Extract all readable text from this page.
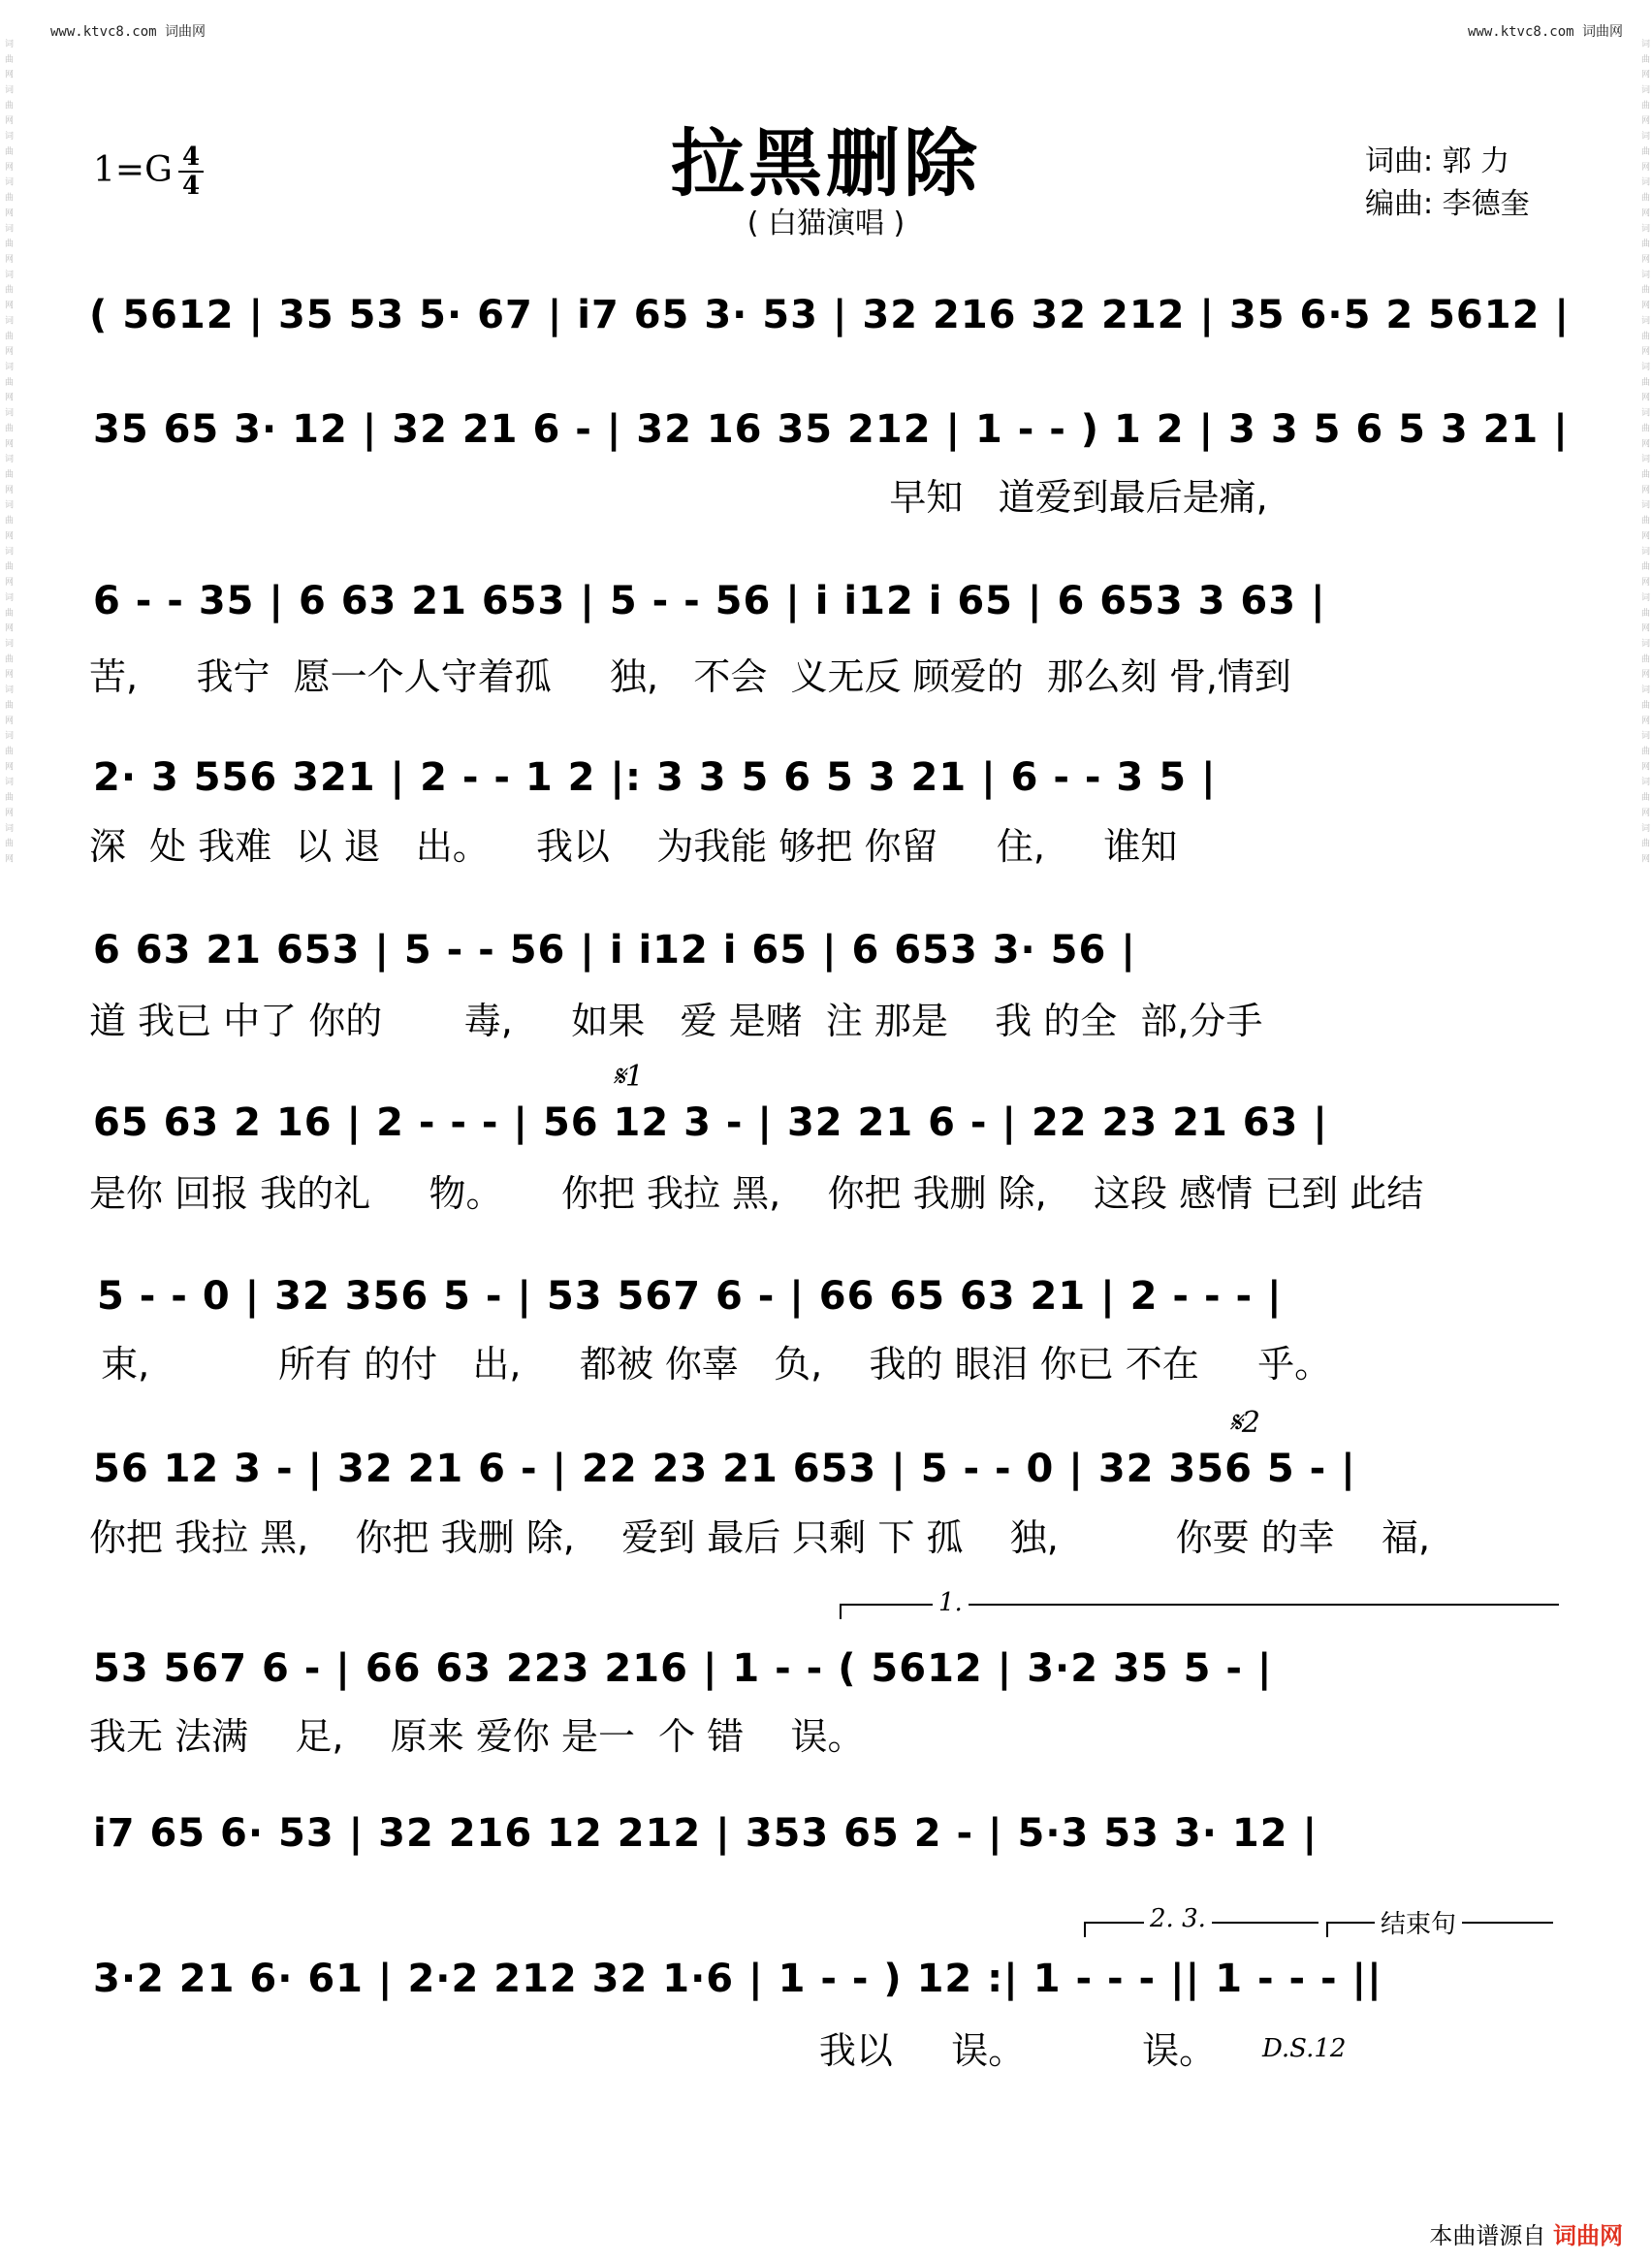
www.ktvc8.com 词曲网	www.ktvc8.com 词曲网
词 曲 网 词 曲 网 词 曲 网 词 曲 网 词 曲 网 词 曲 网 词 曲 网 词 曲 网 词 曲 网 词 曲 网 词 曲 网 词 曲 网 词 曲 网 词 曲 网 词 曲 网 词 曲 网 词 曲 网 词 曲 网	词 曲 网 词 曲 网 词 曲 网 词 曲 网 词 曲 网 词 曲 网 词 曲 网 词 曲 网 词 曲 网 词 曲 网 词 曲 网 词 曲 网 词 曲 网 词 曲 网 词 曲 网 词 曲 网 词 曲 网 词 曲 网
拉黑删除
( 白猫演唱 )
1=G 4
4
词曲: 郭 力
编曲: 李德奎
( 5612 | 35 53 5· 67 | i7 65 3· 53 | 32 216 32 212 | 35 6·5 2 5612 |
35 65 3· 12 | 32 21 6 - | 32 16 35 212 | 1 - - ) 1 2 | 3 3 5 6 5 3 21 |
早知   道爱到最后是痛,
6 - - 35 | 6 63 21 653 | 5 - - 56 | i i12 i 65 | 6 653 3 63 |
苦,     我宁  愿一个人守着孤     独,   不会  义无反 顾爱的  那么刻 骨,情到
2· 3 556 321 | 2 - - 1 2 |: 3 3 5 6 5 3 21 | 6 - - 3 5 |
深  处 我难  以 退   出。    我以    为我能 够把 你留     住,     谁知
6 63 21 653 | 5 - - 56 | i i12 i 65 | 6 653 3· 56 |
道 我已 中了 你的       毒,     如果   爱 是赌  注 那是    我 的全  部,分手
𝄋1
65 63 2 16 | 2 - - - | 56 12 3 - | 32 21 6 - | 22 23 21 63 |
是你 回报 我的礼     物。     你把 我拉 黑,    你把 我删 除,    这段 感情 已到 此结
5 - - 0 | 32 356 5 - | 53 567 6 - | 66 65 63 21 | 2 - - - |
束,           所有 的付   出,     都被 你辜   负,    我的 眼泪 你已 不在     乎。
𝄋2
56 12 3 - | 32 21 6 - | 22 23 21 653 | 5 - - 0 | 32 356 5 - |
你把 我拉 黑,    你把 我删 除,    爱到 最后 只剩 下 孤    独,          你要 的幸    福,
1.
53 567 6 - | 66 63 223 216 | 1 - - ( 5612 | 3·2 35 5 - |
我无 法满    足,    原来 爱你 是一  个 错    误。
i7 65 6· 53 | 32 216 12 212 | 353 65 2 - | 5·3 53 3· 12 |
2. 3.	结束句
3·2 21 6· 61 | 2·2 212 32 1·6 | 1 - - ) 12 :| 1 - - - || 1 - - - ||
我以     误。          误。 D.S.12
本曲谱源自 词曲网
